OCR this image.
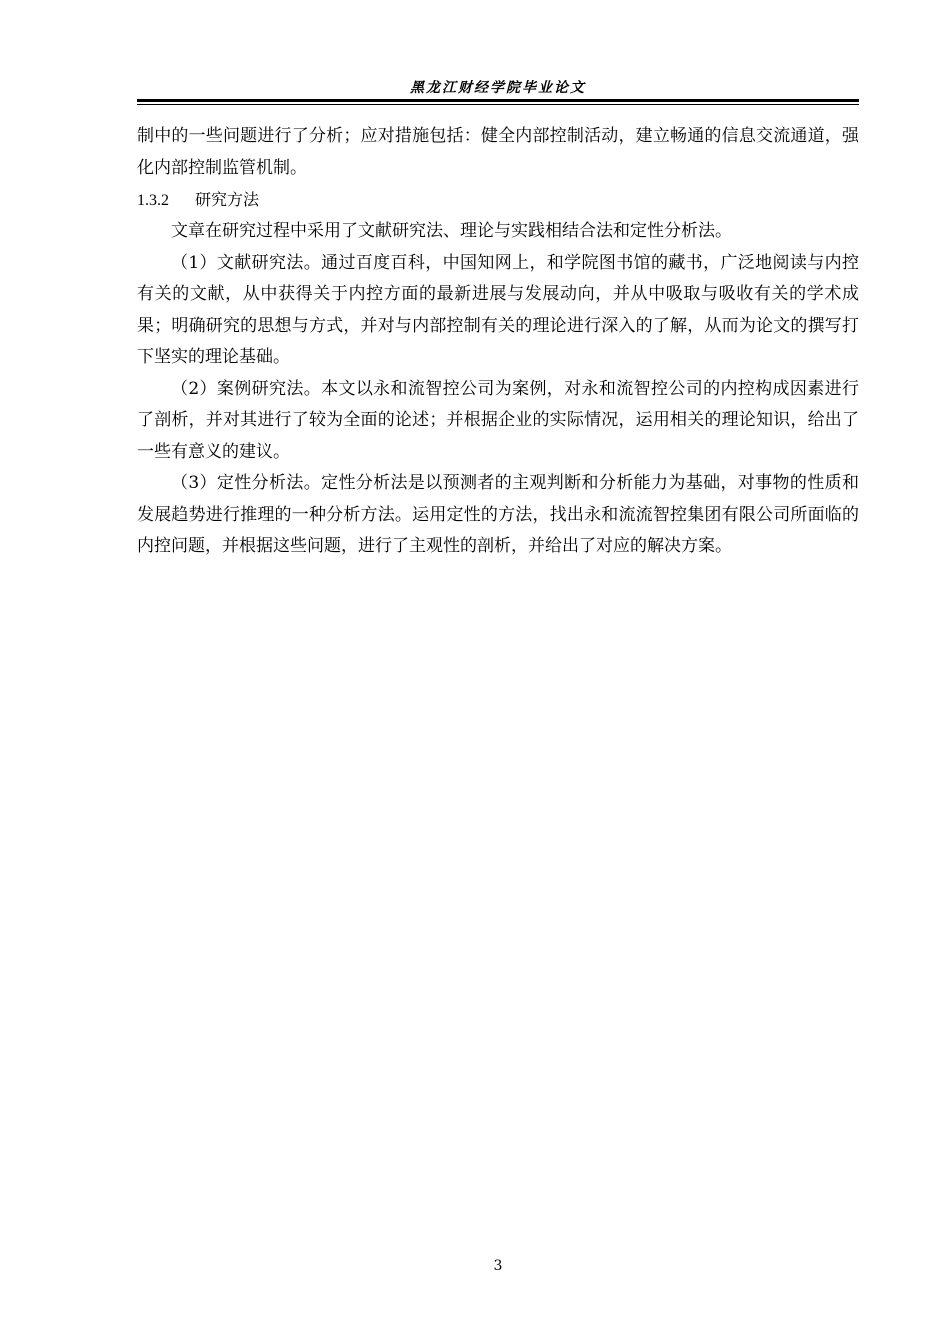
黑龙江财经学院毕业论文

制中的一些问题进行了分析；应对措施包括：健全内部控制活动，建立畅通的信息交流通道，强化内部控制监管机制。

1.3.2 研究方法

文章在研究过程中采用了文献研究法、理论与实践相结合法和定性分析法。

（1）文献研究法。通过百度百科，中国知网上，和学院图书馆的藏书，广泛地阅读与内控有关的文献，从中获得关于内控方面的最新进展与发展动向，并从中吸取与吸收有关的学术成果；明确研究的思想与方式，并对与内部控制有关的理论进行深入的了解，从而为论文的撰写打下坚实的理论基础。

（2）案例研究法。本文以永和流智控公司为案例，对永和流智控公司的内控构成因素进行了剖析，并对其进行了较为全面的论述；并根据企业的实际情况，运用相关的理论知识，给出了一些有意义的建议。

（3）定性分析法。定性分析法是以预测者的主观判断和分析能力为基础，对事物的性质和发展趋势进行推理的一种分析方法。运用定性的方法，找出永和流流智控集团有限公司所面临的内控问题，并根据这些问题，进行了主观性的剖析，并给出了对应的解决方案。

3
